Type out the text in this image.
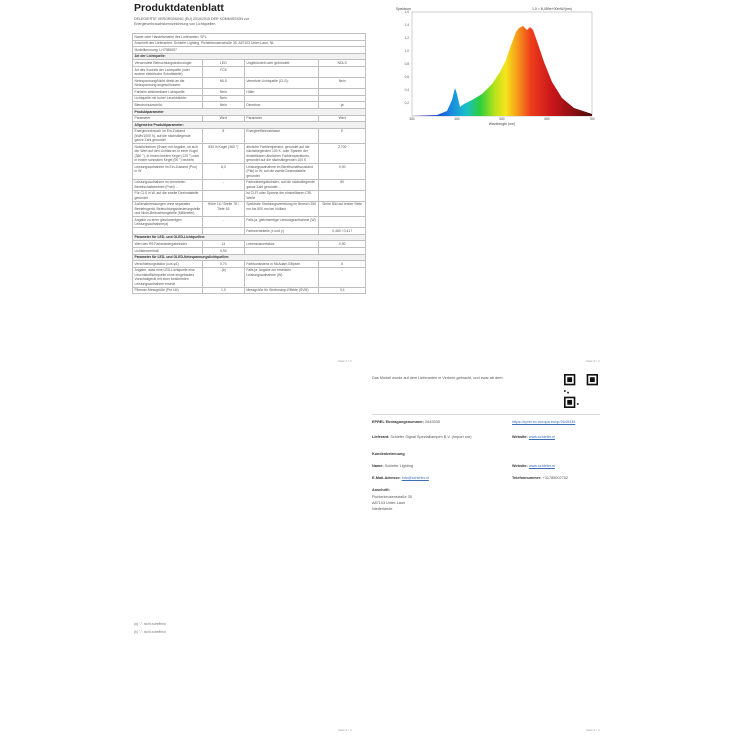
Produktdatenblatt
DELEGIERTE VERORDNUNG (EU) 2019/2015 DER KOMMISSION zur Energieverbrauchskennzeichnung von Lichtquellen
Name oder Handelsmarke des Lieferanten: SPL			
Anschrift des Lieferanten: Schiefer Lighting, Pichlerkeusenstraße 35, A87103 Unter-Laun, NL			
Modellkennung: LH7985057			
Art der Lichtquelle:			
Verwendete Beleuchtungstechnologie:	LED	Ungebündelt oder gebündelt:	NDLS
Art des Sockels der Lichtquelle (oder andere elektrische Schnittstelle)	FC5		
Netzspannung/Nicht direkt an die Netzspannung angeschlossen:	MLS	Vernetzte Lichtquelle (CLS):	Nein
Farbsim abstimmbare Lichtquelle:	Nein	Hülle:	
Lichtquelle mit hoher Leuchtdichte:	Nein		
Blendschutzschild:	Nein	Dimmbar:	ja
Produktparameter			
Parameter	Wert	Parameter	Wert
Allgemeine Produktparameter:			
Energieverbrauch im Ein-Zustand (kWh/1000 h), auf die nächstliegende ganze Zahl gerundet	8	Energieeffizienzklasse	E
Nutzlichtstrom (Φuse) mit Angabe, ob sich der Wert auf den Lichtstrom in einer Kugel (360 °), in einem breiten Kegel (120 °) oder in einem schmalen Kegel (90 °) bezieht	830 in Kugel (360 °)	ähnliche Farbtemperatur, gerundet auf die nächstliegenden 100 K, oder Spanne der einstellbaren ähnlichen Farbtemperaturen, gerundet auf die nächstliegenden 100 K	2.700
Leistungsaufnahme im Ein-Zustand (Pon) in W	8,3	Leistungsaufnahme im Bereitschaftszustand (Psb) in W, auf die zweite Dezimalstelle gerundet	0,00
Leistungsaufnahme im vernetzten Bereitschaftsbetrieb (Pnet) ...	-	Farbwiedergabeindex, auf die nächstliegende ganze Zahl gerundet ...	80
Für CLS in W, auf die zweite Dezimalstelle gerundet		ist CLFI oder Spanne der einstellbaren CRI-Werte	
Außenabmessungen ohne separates Betriebsgerät, Beleuchtungssteuerungsteile und Nicht-Beleuchtungsteile (Millimeter)	Höhe 16 / Breite 78 / Tiefe 16	Spektrale Strahlungsverteilung im Bereich 250 nm bis 800 nm bei Volllast	Siehe Bild auf letzter Seite
Angabe zu einer gleichwertigen Leistungsaufnahme(a)	-	Falls ja, gleichwertige Leistungsaufnahme (W)	
		Farbwertanteile (x und y)	0,460 / 0,417
Parameter für LED- und OLED-Lichtquellen:			
Wert des R9-Farbwiedergabeindex	14	Lebensdauerfaktor	0,90
Lichtstromerhalt	0,93		
Parameter für LED- und OLED-Netzspannungslichtquellen:			
Verschiebungsfaktor (cos φ1)	0,70	Farbkonsistenz in McAdam-Ellipsen	6
Angabe, dass eine LED-Lichtquelle eine Leuchtstofflichtquelle ohne eingebautes Vorschaltgerät mit einer bestimmten Leistungsaufnahme ersetzt	-(b)	Falls ja: Angabe zur ersetzten Leistungsaufnahme (W)	-
Flimmer-Messgröße (Pst LM)	1,0	Messgröße für Stroboskop-Effekte (SVM)	0,4
(a) "-": nicht zutreffend
(b) "-": nicht zutreffend
Seite 1 / 4
Seite 4 / 4
Spektrum	1,0 = 8,459e+00mW/(nm)
1,6
1,4
1,2
1,0
0,8
0,6
0,4
0,2
380	480	580	680	780
Wavelength (nm)
Seite 3 / 4
Das Modell wurde auf dem Lieferanten in Verkehr gebracht, und zwar ab dem:
EPREL Eintragungsnummer: 2649335	https://eprel.ec.europa.eu/qr/2649335
Lieferant: Schiefer Signal Spezialllampen B.V. (Import nur)	Website: www.schiefer.nl
Kundenbetreuung
Name: Schiefer Lighting	Website: www.schiefer.nl
E-Mail-Adresse: info@schiefer.nl	Telefonnummer: +31785002752
Anschrift:
Pichlerkeusenstraße 35
A87103 Unter-Laun
Niederlande
Seite 4 / 4
